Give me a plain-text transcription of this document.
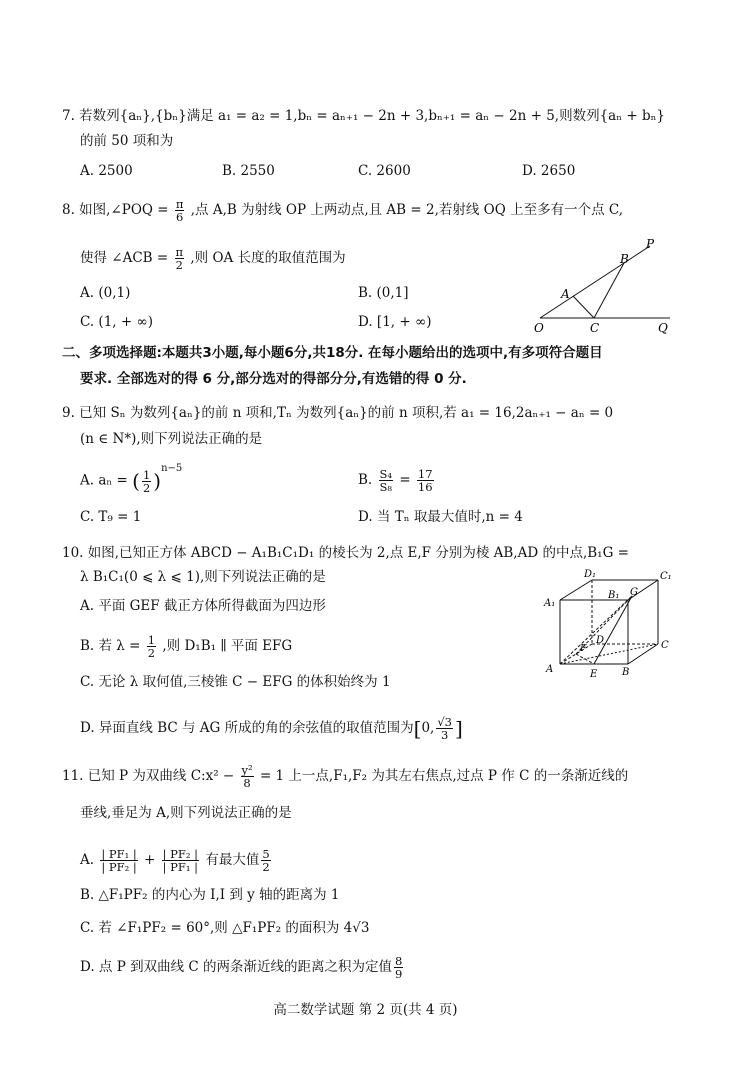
7. 若数列{aₙ},{bₙ}满足 a₁ = a₂ = 1,bₙ = aₙ₊₁ − 2n + 3,bₙ₊₁ = aₙ − 2n + 5,则数列{aₙ + bₙ}
的前 50 项和为
A. 2500	B. 2550	C. 2600	D. 2650
8. 如图,∠POQ = $\frac{\pi}{6}$ ,点 A,B 为射线 OP 上两动点,且 AB = 2,若射线 OQ 上至多有一个点 C,
使得 ∠ACB = $\frac{\pi}{2}$ ,则 OA 长度的取值范围为
A. (0,1)	B. (0,1]
C. (1, + ∞)	D. [1, + ∞)
P
B
A
O	C	Q
二、多项选择题:本题共3小题,每小题6分,共18分. 在每小题给出的选项中,有多项符合题目
要求. 全部选对的得 6 分,部分选对的得部分分,有选错的得 0 分.
9. 已知 Sₙ 为数列{aₙ}的前 n 项和,Tₙ 为数列{aₙ}的前 n 项积,若 a₁ = 16,2aₙ₊₁ − aₙ = 0
(n ∈ N*),则下列说法正确的是
A. aₙ = ( $\frac{1}{2} )^{n-5}$
B. $\frac{\text{S₄}}{\text{S₈}} = \frac{17}{16}$
C. T₉ = 1	D. 当 Tₙ 取最大值时,n = 4
10. 如图,已知正方体 ABCD − A₁B₁C₁D₁ 的棱长为 2,点 E,F 分别为棱 AB,AD 的中点,B₁G =
λ B₁C₁(0 ⩽ λ ⩽ 1),则下列说法正确的是
A. 平面 GEF 截正方体所得截面为四边形
B. 若 $\lambda = \frac{1}{2}$ ,则 D₁B₁ ∥ 平面 EFG
C. 无论 λ 取何值,三棱锥 C − EFG 的体积始终为 1
D. 异面直线 BC 与 AG 所成的角的余弦值的取值范围为[0, $\frac{√3}{3}$ ]
D₁	C₁
A₁
B₁ G
D	C
A	E B
F
11. 已知 P 为双曲线 C:x² − $\frac{\text{y²}}{8} = 1$ 上一点,F₁,F₂ 为其左右焦点,过点 P 作 C 的一条渐近线的
垂线,垂足为 A,则下列说法正确的是
A. $\frac{\text{| PF₁ |}}{\text{| PF₂ |}} + \frac{\text{| PF₂ |}}{\text{| PF₁ |}}$ 有最大值 $\frac{5}{2}$
B. △F₁PF₂ 的内心为 I,I 到 y 轴的距离为 1
C. 若 ∠F₁PF₂ = 60°,则 △F₁PF₂ 的面积为 4√3
D. 点 P 到双曲线 C 的两条渐近线的距离之积为定值 $\frac{8}{9}$
高二数学试题 第 2 页(共 4 页)
